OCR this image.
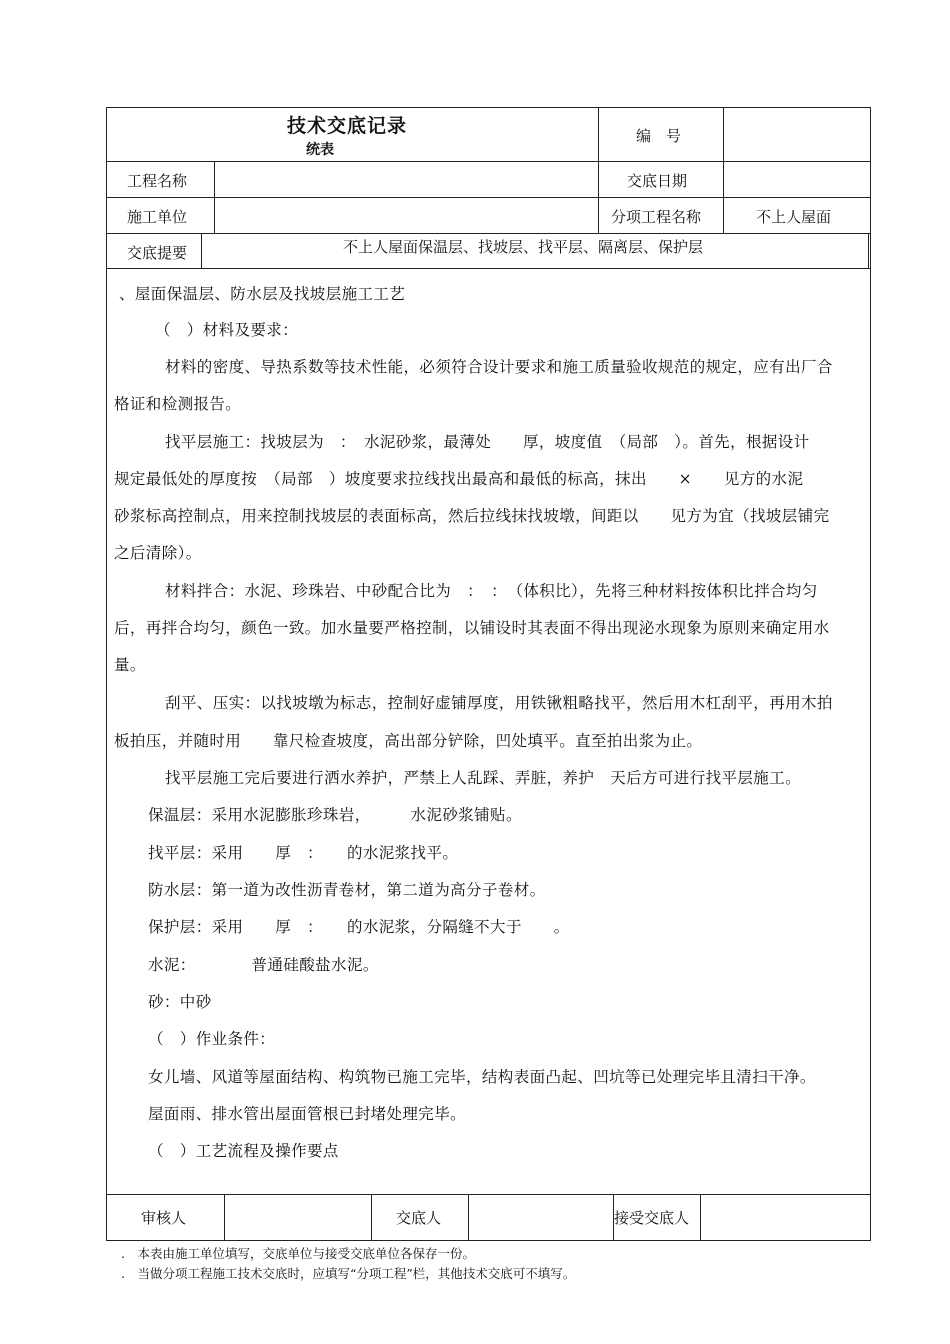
技术交底记录
统表
编　号
工程名称	交底日期
施工单位	分项工程名称	不上人屋面
交底提要	不上人屋面保温层、找坡层、找平层、隔离层、保护层
、屋面保温层、防水层及找坡层施工工艺
（　）材料及要求：
材料的密度、导热系数等技术性能，必须符合设计要求和施工质量验收规范的规定，应有出厂合
格证和检测报告。
找平层施工：找坡层为　：　水泥砂浆，最薄处　　厚，坡度值　（局部　）。首先，根据设计
规定最低处的厚度按　（局部　）坡度要求拉线找出最高和最低的标高，抹出　　×　　见方的水泥
砂浆标高控制点，用来控制找坡层的表面标高，然后拉线抹找坡墩，间距以　　见方为宜（找坡层铺完
之后清除）。
材料拌合：水泥、珍珠岩、中砂配合比为　：　：　（体积比），先将三种材料按体积比拌合均匀
后，再拌合均匀，颜色一致。加水量要严格控制，以铺设时其表面不得出现泌水现象为原则来确定用水
量。
刮平、压实：以找坡墩为标志，控制好虚铺厚度，用铁锹粗略找平，然后用木杠刮平，再用木拍
板拍压，并随时用　　靠尺检查坡度，高出部分铲除，凹处填平。直至拍出浆为止。
找平层施工完后要进行洒水养护，严禁上人乱踩、弄脏，养护　天后方可进行找平层施工。
保温层：采用水泥膨胀珍珠岩，　　　水泥砂浆铺贴。
找平层：采用　　厚　：　　的水泥浆找平。
防水层：第一道为改性沥青卷材，第二道为高分子卷材。
保护层：采用　　厚　：　　的水泥浆，分隔缝不大于　　。
水泥：　　　　普通硅酸盐水泥。
砂：中砂
（　）作业条件：
女儿墙、风道等屋面结构、构筑物已施工完毕，结构表面凸起、凹坑等已处理完毕且清扫干净。
屋面雨、排水管出屋面管根已封堵处理完毕。
（　）工艺流程及操作要点
审核人	交底人	接受交底人
.　本表由施工单位填写，交底单位与接受交底单位各保存一份。
.　当做分项工程施工技术交底时，应填写“分项工程”栏，其他技术交底可不填写。
